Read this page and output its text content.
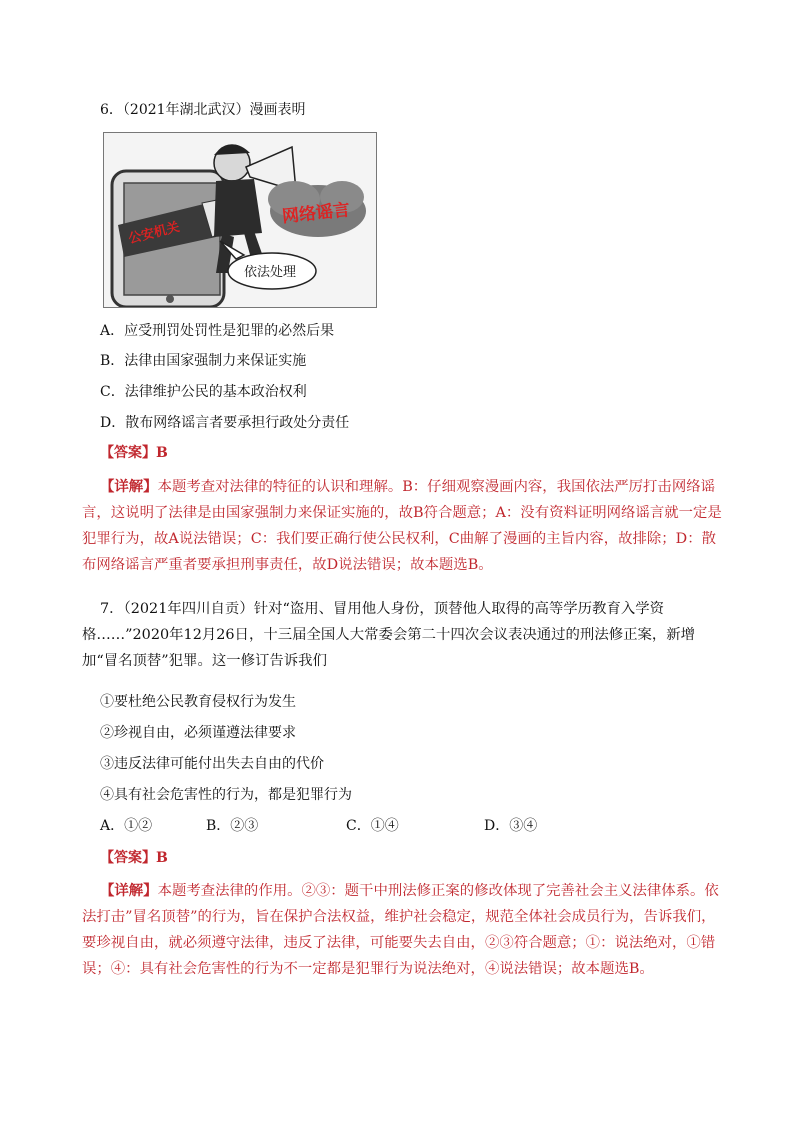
6．（2021年湖北武汉）漫画表明
网络谣言
公安机关
依法处理
A．应受刑罚处罚性是犯罪的必然后果
B．法律由国家强制力来保证实施
C．法律维护公民的基本政治权利
D．散布网络谣言者要承担行政处分责任
【答案】B
【详解】本题考查对法律的特征的认识和理解。B：仔细观察漫画内容，我国依法严厉打击网络谣言，这说明了法律是由国家强制力来保证实施的，故B符合题意；A：没有资料证明网络谣言就一定是犯罪行为，故A说法错误；C：我们要正确行使公民权利，C曲解了漫画的主旨内容，故排除；D：散布网络谣言严重者要承担刑事责任，故D说法错误；故本题选B。
7．（2021年四川自贡）针对“盗用、冒用他人身份，顶替他人取得的高等学历教育入学资格……”2020年12月26日，十三届全国人大常委会第二十四次会议表决通过的刑法修正案，新增加“冒名顶替”犯罪。这一修订告诉我们
①要杜绝公民教育侵权行为发生
②珍视自由，必须谨遵法律要求
③违反法律可能付出失去自由的代价
④具有社会危害性的行为，都是犯罪行为
A．①②	B．②③	C．①④	D．③④
【答案】B
【详解】本题考查法律的作用。②③：题干中刑法修正案的修改体现了完善社会主义法律体系。依法打击”冒名顶替”的行为，旨在保护合法权益，维护社会稳定，规范全体社会成员行为，告诉我们，要珍视自由，就必须遵守法律，违反了法律，可能要失去自由，②③符合题意；①：说法绝对，①错误；④：具有社会危害性的行为不一定都是犯罪行为说法绝对，④说法错误；故本题选B。
